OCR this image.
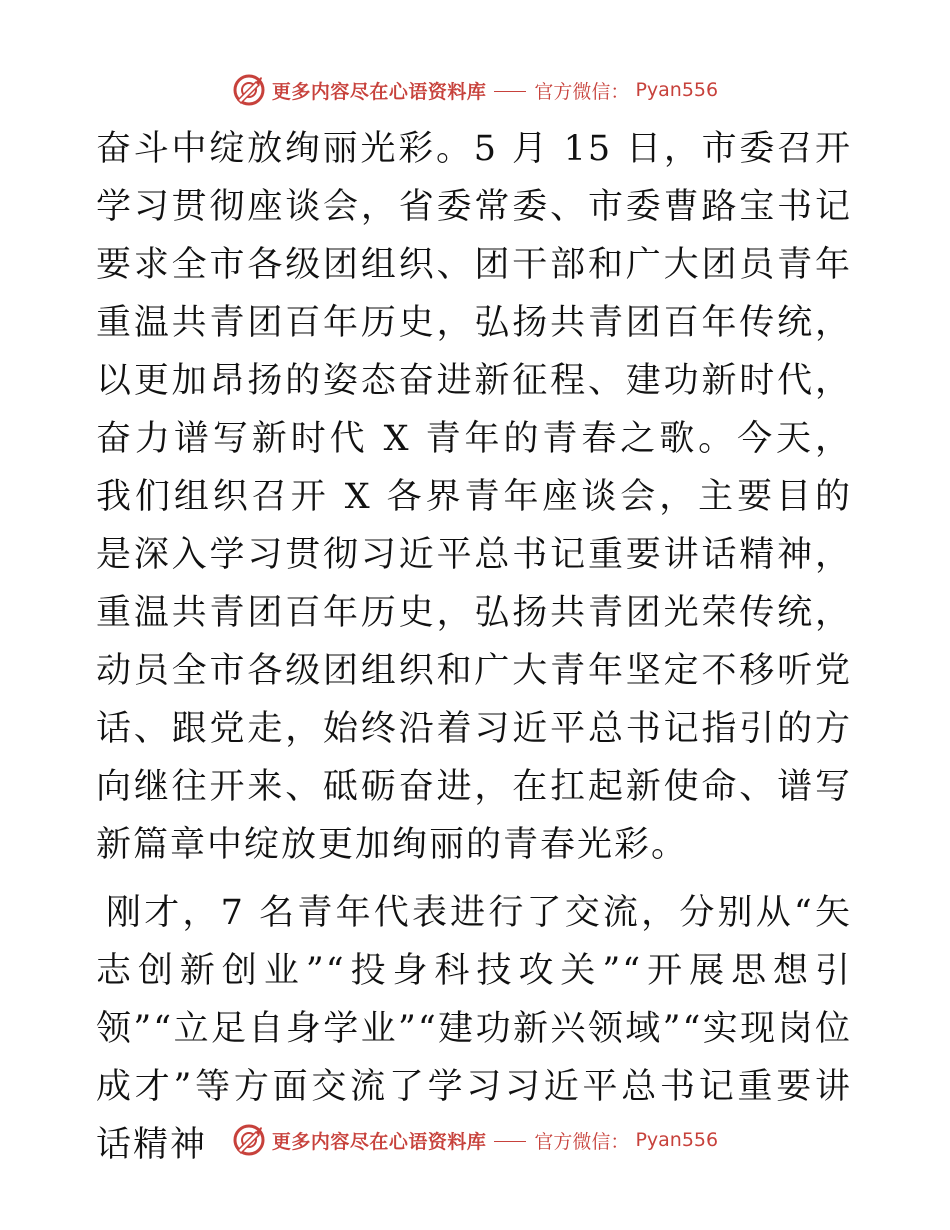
更多内容尽在心语资料库	官方微信： Pyan556

奋斗中绽放绚丽光彩。5 月 15 日，市委召开学习贯彻座谈会，省委常委、市委曹路宝书记要求全市各级团组织、团干部和广大团员青年重温共青团百年历史，弘扬共青团百年传统，以更加昂扬的姿态奋进新征程、建功新时代，奋力谱写新时代 X 青年的青春之歌。今天，我们组织召开 X 各界青年座谈会，主要目的是深入学习贯彻习近平总书记重要讲话精神，重温共青团百年历史，弘扬共青团光荣传统，动员全市各级团组织和广大青年坚定不移听党话、跟党走，始终沿着习近平总书记指引的方向继往开来、砥砺奋进，在扛起新使命、谱写新篇章中绽放更加绚丽的青春光彩。

刚才，7 名青年代表进行了交流，分别从“矢志创新创业”“投身科技攻关”“开展思想引领”“立足自身学业”“建功新兴领域”“实现岗位成才”等方面交流了学习习近平总书记重要讲话精神	更多内容尽在心语资料库	官方微信： Pyan556
